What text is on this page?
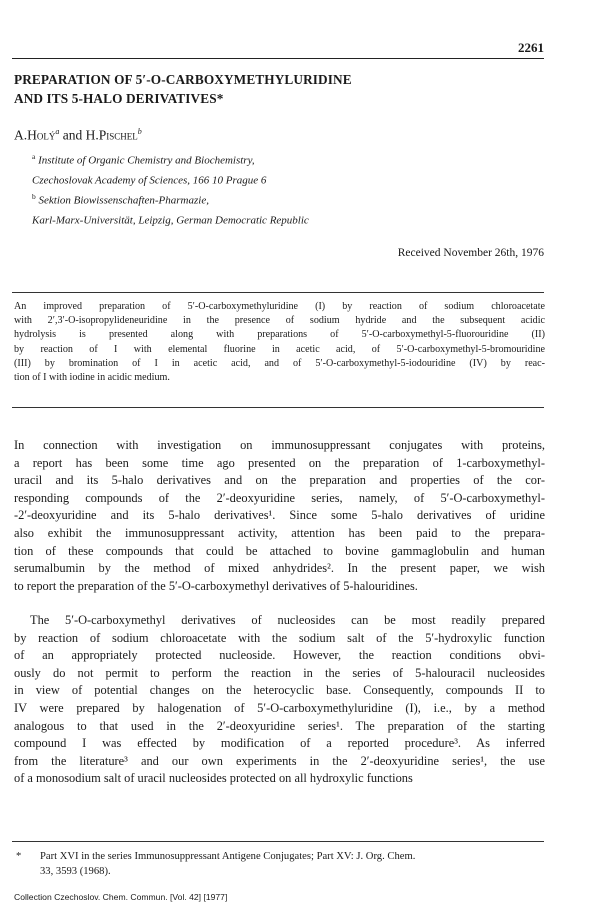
2261
PREPARATION OF 5′-O-CARBOXYMETHYLURIDINE
AND ITS 5-HALO DERIVATIVES*
A.Holý$^a$ and H.Pischel$^b$
$^a$ Institute of Organic Chemistry and Biochemistry,
Czechoslovak Academy of Sciences, 166 10 Prague 6
$^b$ Sektion Biowissenschaften-Pharmazie,
Karl-Marx-Universität, Leipzig, German Democratic Republic
Received November 26th, 1976
An improved preparation of 5′-O-carboxymethyluridine (I) by reaction of sodium chloroacetate
with 2′,3′-O-isopropylideneuridine in the presence of sodium hydride and the subsequent acidic
hydrolysis is presented along with preparations of 5′-O-carboxymethyl-5-fluorouridine (II)
by reaction of I with elemental fluorine in acetic acid, of 5′-O-carboxymethyl-5-bromouridine
(III) by bromination of I in acetic acid, and of 5′-O-carboxymethyl-5-iodouridine (IV) by reac-
tion of I with iodine in acidic medium.
In connection with investigation on immunosuppressant conjugates with proteins,
a report has been some time ago presented on the preparation of 1-carboxymethyl-
uracil and its 5-halo derivatives and on the preparation and properties of the cor-
responding compounds of the 2′-deoxyuridine series, namely, of 5′-O-carboxymethyl-
-2′-deoxyuridine and its 5-halo derivatives¹. Since some 5-halo derivatives of uridine
also exhibit the immunosuppressant activity, attention has been paid to the prepara-
tion of these compounds that could be attached to bovine gammaglobulin and human
serumalbumin by the method of mixed anhydrides². In the present paper, we wish
to report the preparation of the 5′-O-carboxymethyl derivatives of 5-halouridines.
The 5′-O-carboxymethyl derivatives of nucleosides can be most readily prepared
by reaction of sodium chloroacetate with the sodium salt of the 5′-hydroxylic function
of an appropriately protected nucleoside. However, the reaction conditions obvi-
ously do not permit to perform the reaction in the series of 5-halouracil nucleosides
in view of potential changes on the heterocyclic base. Consequently, compounds II to
IV were prepared by halogenation of 5′-O-carboxymethyluridine (I), i.e., by a method
analogous to that used in the 2′-deoxyuridine series¹. The preparation of the starting
compound I was effected by modification of a reported procedure³. As inferred
from the literature³ and our own experiments in the 2′-deoxyuridine series¹, the use
of a monosodium salt of uracil nucleosides protected on all hydroxylic functions
* Part XVI in the series Immunosuppressant Antigene Conjugates; Part XV: J. Org. Chem.
33, 3593 (1968).
Collection Czechoslov. Chem. Commun. [Vol. 42] [1977]
